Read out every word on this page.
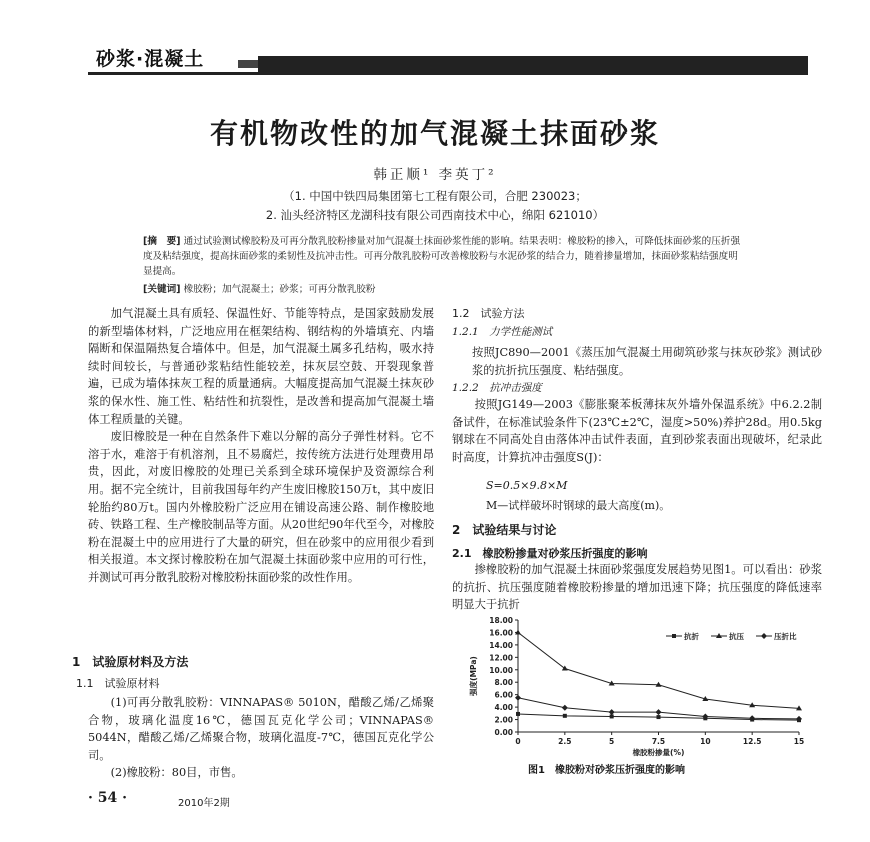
砂浆·混凝土
有机物改性的加气混凝土抹面砂浆
韩正顺¹ 李英丁²
（1. 中国中铁四局集团第七工程有限公司，合肥 230023；
2. 汕头经济特区龙湖科技有限公司西南技术中心，绵阳 621010）
[摘　要] 通过试验测试橡胶粉及可再分散乳胶粉掺量对加气混凝土抹面砂浆性能的影响。结果表明：橡胶粉的掺入，可降低抹面砂浆的压折强度及粘结强度，提高抹面砂浆的柔韧性及抗冲击性。可再分散乳胶粉可改善橡胶粉与水泥砂浆的结合力，随着掺量增加，抹面砂浆粘结强度明显提高。
[关键词] 橡胶粉；加气混凝土；砂浆；可再分散乳胶粉

加气混凝土具有质轻、保温性好、节能等特点，是国家鼓励发展的新型墙体材料，广泛地应用在框架结构、钢结构的外墙填充、内墙隔断和保温隔热复合墙体中。但是，加气混凝土属多孔结构，吸水持续时间较长，与普通砂浆粘结性能较差，抹灰层空鼓、开裂现象普遍，已成为墙体抹灰工程的质量通病。大幅度提高加气混凝土抹灰砂浆的保水性、施工性、粘结性和抗裂性，是改善和提高加气混凝土墙体工程质量的关键。

废旧橡胶是一种在自然条件下难以分解的高分子弹性材料。它不溶于水，难溶于有机溶剂，且不易腐烂，按传统方法进行处理费用昂贵，因此，对废旧橡胶的处理已关系到全球环境保护及资源综合利用。据不完全统计，目前我国每年约产生废旧橡胶150万t，其中废旧轮胎约80万t。国内外橡胶粉广泛应用在铺设高速公路、制作橡胶地砖、铁路工程、生产橡胶制品等方面。从20世纪90年代至今，对橡胶粉在混凝土中的应用进行了大量的研究，但在砂浆中的应用很少看到相关报道。本文探讨橡胶粉在加气混凝土抹面砂浆中应用的可行性，并测试可再分散乳胶粉对橡胶粉抹面砂浆的改性作用。

1　试验原材料及方法
1.1　试验原材料

(1)可再分散乳胶粉：VINNAPAS® 5010N，醋酸乙烯/乙烯聚合物，玻璃化温度16℃，德国瓦克化学公司；VINNAPAS® 5044N，醋酸乙烯/乙烯聚合物，玻璃化温度-7℃，德国瓦克化学公司。

(2)橡胶粉：80目，市售。

1.2　试验方法
1.2.1　力学性能测试

按照JC890—2001《蒸压加气混凝土用砌筑砂浆与抹灰砂浆》测试砂浆的抗折抗压强度、粘结强度。

1.2.2　抗冲击强度

按照JG149—2003《膨胀聚苯板薄抹灰外墙外保温系统》中6.2.2制备试件，在标准试验条件下(23℃±2℃，湿度>50%)养护28d。用0.5kg钢球在不同高处自由落体冲击试件表面，直到砂浆表面出现破坏，纪录此时高度，计算抗冲击强度S(J)：

S=0.5×9.8×M
M—试样破坏时钢球的最大高度(m)。
2　试验结果与讨论
2.1　橡胶粉掺量对砂浆压折强度的影响

掺橡胶粉的加气混凝土抹面砂浆强度发展趋势见图1。可以看出：砂浆的抗折、抗压强度随着橡胶粉掺量的增加迅速下降；抗压强度的降低速率明显大于抗折

0.00
2.00
4.00
6.00
8.00
10.00
12.00
14.00
16.00
18.00
0	2.5	5	7.5	10	12.5	15
橡胶粉掺量(%)
强度(MPa)
抗折	抗压	压折比
图1　橡胶粉对砂浆压折强度的影响
· 54 ·	2010年2期
